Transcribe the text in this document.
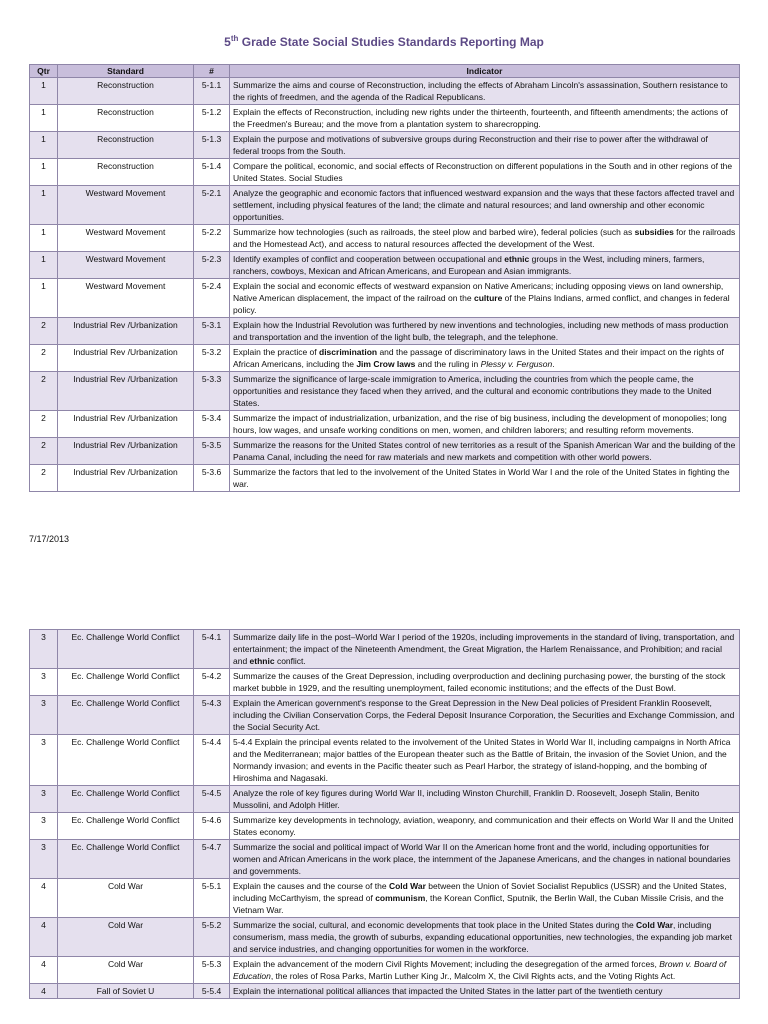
5th Grade State Social Studies Standards Reporting Map
Qtr	Standard	#	Indicator
1	Reconstruction	5-1.1	Summarize the aims and course of Reconstruction, including the effects of Abraham Lincoln's assassination, Southern resistance to the rights of freedmen, and the agenda of the Radical Republicans.
1	Reconstruction	5-1.2	Explain the effects of Reconstruction, including new rights under the thirteenth, fourteenth, and fifteenth amendments; the actions of the Freedmen's Bureau; and the move from a plantation system to sharecropping.
1	Reconstruction	5-1.3	Explain the purpose and motivations of subversive groups during Reconstruction and their rise to power after the withdrawal of federal troops from the South.
1	Reconstruction	5-1.4	Compare the political, economic, and social effects of Reconstruction on different populations in the South and in other regions of the United States. Social Studies
1	Westward Movement	5-2.1	Analyze the geographic and economic factors that influenced westward expansion and the ways that these factors affected travel and settlement, including physical features of the land; the climate and natural resources; and land ownership and other economic opportunities.
1	Westward Movement	5-2.2	Summarize how technologies (such as railroads, the steel plow and barbed wire), federal policies (such as subsidies for the railroads and the Homestead Act), and access to natural resources affected the development of the West.
1	Westward Movement	5-2.3	Identify examples of conflict and cooperation between occupational and ethnic groups in the West, including miners, farmers, ranchers, cowboys, Mexican and African Americans, and European and Asian immigrants.
1	Westward Movement	5-2.4	Explain the social and economic effects of westward expansion on Native Americans; including opposing views on land ownership, Native American displacement, the impact of the railroad on the culture of the Plains Indians, armed conflict, and changes in federal policy.
2	Industrial Rev /Urbanization	5-3.1	Explain how the Industrial Revolution was furthered by new inventions and technologies, including new methods of mass production and transportation and the invention of the light bulb, the telegraph, and the telephone.
2	Industrial Rev /Urbanization	5-3.2	Explain the practice of discrimination and the passage of discriminatory laws in the United States and their impact on the rights of African Americans, including the Jim Crow laws and the ruling in Plessy v. Ferguson.
2	Industrial Rev /Urbanization	5-3.3	Summarize the significance of large-scale immigration to America, including the countries from which the people came, the opportunities and resistance they faced when they arrived, and the cultural and economic contributions they made to the United States.
2	Industrial Rev /Urbanization	5-3.4	Summarize the impact of industrialization, urbanization, and the rise of big business, including the development of monopolies; long hours, low wages, and unsafe working conditions on men, women, and children laborers; and resulting reform movements.
2	Industrial Rev /Urbanization	5-3.5	Summarize the reasons for the United States control of new territories as a result of the Spanish American War and the building of the Panama Canal, including the need for raw materials and new markets and competition with other world powers.
2	Industrial Rev /Urbanization	5-3.6	Summarize the factors that led to the involvement of the United States in World War I and the role of the United States in fighting the war.
7/17/2013
3	Ec. Challenge World Conflict	5-4.1	Summarize daily life in the post–World War I period of the 1920s, including improvements in the standard of living, transportation, and entertainment; the impact of the Nineteenth Amendment, the Great Migration, the Harlem Renaissance, and Prohibition; and racial and ethnic conflict.
3	Ec. Challenge World Conflict	5-4.2	Summarize the causes of the Great Depression, including overproduction and declining purchasing power, the bursting of the stock market bubble in 1929, and the resulting unemployment, failed economic institutions; and the effects of the Dust Bowl.
3	Ec. Challenge World Conflict	5-4.3	Explain the American government's response to the Great Depression in the New Deal policies of President Franklin Roosevelt, including the Civilian Conservation Corps, the Federal Deposit Insurance Corporation, the Securities and Exchange Commission, and the Social Security Act.
3	Ec. Challenge World Conflict	5-4.4	5-4.4 Explain the principal events related to the involvement of the United States in World War II, including campaigns in North Africa and the Mediterranean; major battles of the European theater such as the Battle of Britain, the invasion of the Soviet Union, and the Normandy invasion; and events in the Pacific theater such as Pearl Harbor, the strategy of island-hopping, and the bombing of Hiroshima and Nagasaki.
3	Ec. Challenge World Conflict	5-4.5	Analyze the role of key figures during World War II, including Winston Churchill, Franklin D. Roosevelt, Joseph Stalin, Benito Mussolini, and Adolph Hitler.
3	Ec. Challenge World Conflict	5-4.6	Summarize key developments in technology, aviation, weaponry, and communication and their effects on World War II and the United States economy.
3	Ec. Challenge World Conflict	5-4.7	Summarize the social and political impact of World War II on the American home front and the world, including opportunities for women and African Americans in the work place, the internment of the Japanese Americans, and the changes in national boundaries and governments.
4	Cold War	5-5.1	Explain the causes and the course of the Cold War between the Union of Soviet Socialist Republics (USSR) and the United States, including McCarthyism, the spread of communism, the Korean Conflict, Sputnik, the Berlin Wall, the Cuban Missile Crisis, and the Vietnam War.
4	Cold War	5-5.2	Summarize the social, cultural, and economic developments that took place in the United States during the Cold War, including consumerism, mass media, the growth of suburbs, expanding educational opportunities, new technologies, the expanding job market and service industries, and changing opportunities for women in the workforce.
4	Cold War	5-5.3	Explain the advancement of the modern Civil Rights Movement; including the desegregation of the armed forces, Brown v. Board of Education, the roles of Rosa Parks, Martin Luther King Jr., Malcolm X, the Civil Rights acts, and the Voting Rights Act.
4	Fall of Soviet U	5-5.4	Explain the international political alliances that impacted the United States in the latter part of the twentieth century
